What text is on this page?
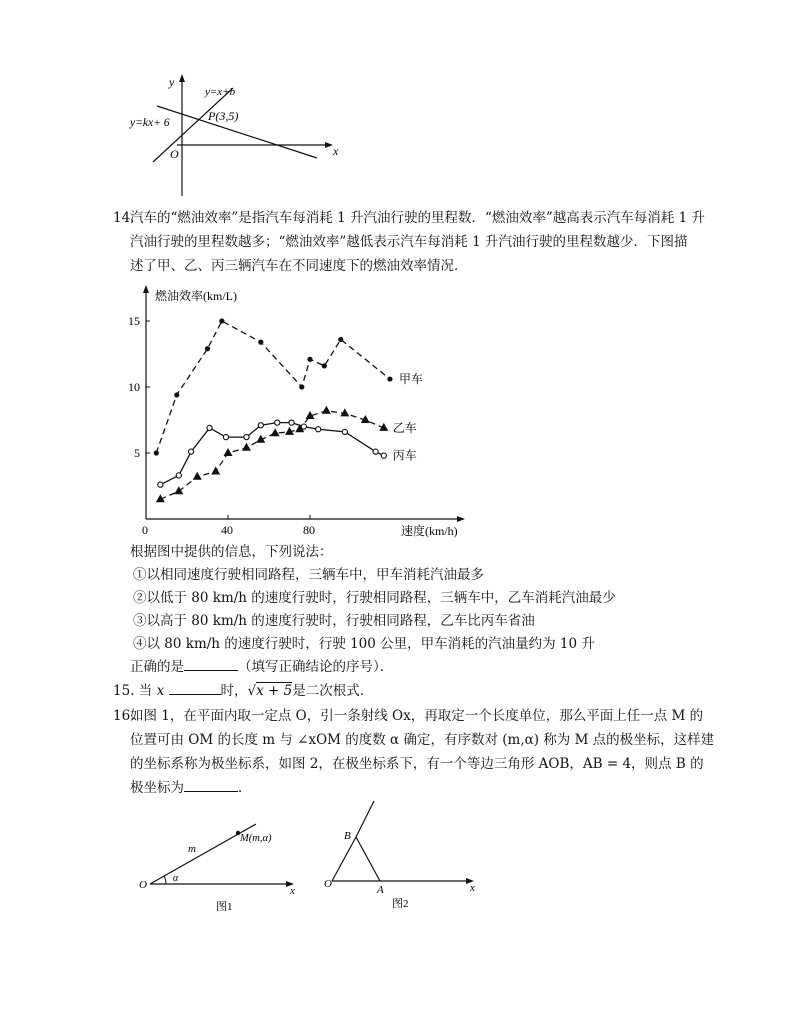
y
x
O
y=x+b
y=kx+ 6	P(3,5)
14.
汽车的“燃油效率”是指汽车每消耗 1 升汽油行驶的里程数．“燃油效率”越高表示汽车每消耗 1 升
汽油行驶的里程数越多；“燃油效率”越低表示汽车每消耗 1 升汽油行驶的里程数越少．下图描
述了甲、乙、丙三辆汽车在不同速度下的燃油效率情况．
燃油效率(km/L)
速度(km/h)
0	40	80
5
10
15
甲车
乙车
丙车
根据图中提供的信息，下列说法：
①以相同速度行驶相同路程，三辆车中，甲车消耗汽油最多
②以低于 80 km/h 的速度行驶时，行驶相同路程，三辆车中，乙车消耗汽油最少
③以高于 80 km/h 的速度行驶时，行驶相同路程，乙车比丙车省油
④以 80 km/h 的速度行驶时，行驶 100 公里，甲车消耗的汽油量约为 10 升
正确的是	（填写正确结论的序号）．
15. 当 x	时，√x + 5是二次根式．
16.
如图 1，在平面内取一定点 O，引一条射线 Ox，再取定一个长度单位，那么平面上任一点 M 的
位置可由 OM 的长度 m 与 ∠xOM 的度数 α 确定，有序数对 (m,α) 称为 M 点的极坐标，这样建
的坐标系称为极坐标系，如图 2，在极坐标系下，有一个等边三角形 AOB，AB = 4，则点 B 的
极坐标为	．
O	x
m
α
M(m,α)
图1
O	x
A
B
图2
